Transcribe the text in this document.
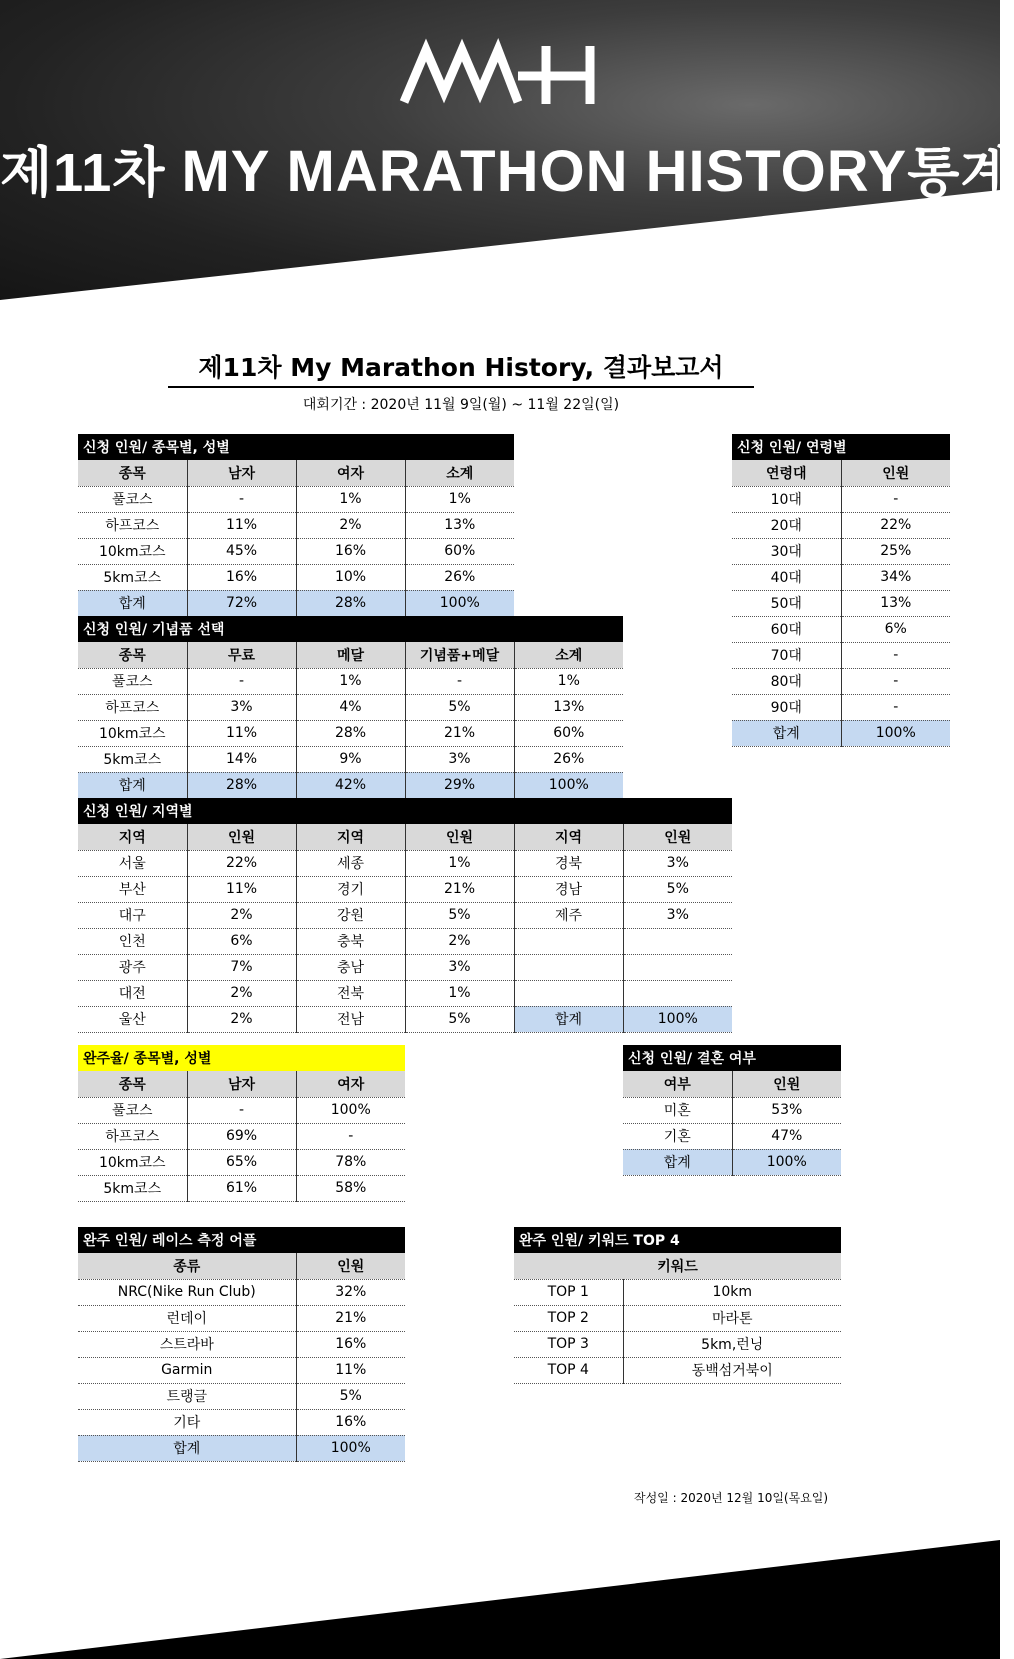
제11차 MY MARATHON HISTORY통계
제11차 My Marathon History, 결과보고서
대회기간 : 2020년 11월 9일(월) ~ 11월 22일(일)
신청 인원/ 종목별, 성별			
종목	남자	여자	소계
풀코스	-	1%	1%
하프코스	11%	2%	13%
10km코스	45%	16%	60%
5km코스	16%	10%	26%
합계	72%	28%	100%
신청 인원/ 연령별	
연령대	인원
10대	-
20대	22%
30대	25%
40대	34%
50대	13%
60대	6%
70대	-
80대	-
90대	-
합계	100%
신청 인원/ 기념품 선택				
종목	무료	메달	기념품+메달	소계
풀코스	-	1%	-	1%
하프코스	3%	4%	5%	13%
10km코스	11%	28%	21%	60%
5km코스	14%	9%	3%	26%
합계	28%	42%	29%	100%
신청 인원/ 지역별					
지역	인원	지역	인원	지역	인원
서울	22%	세종	1%	경북	3%
부산	11%	경기	21%	경남	5%
대구	2%	강원	5%	제주	3%
인천	6%	충북	2%		
광주	7%	충남	3%		
대전	2%	전북	1%		
울산	2%	전남	5%	합계	100%
완주율/ 종목별, 성별		
종목	남자	여자
풀코스	-	100%
하프코스	69%	-
10km코스	65%	78%
5km코스	61%	58%
신청 인원/ 결혼 여부	
여부	인원
미혼	53%
기혼	47%
합계	100%
완주 인원/ 레이스 측정 어플	
종류	인원
NRC(Nike Run Club)	32%
런데이	21%
스트라바	16%
Garmin	11%
트랭글	5%
기타	16%
합계	100%
완주 인원/ 키워드 TOP 4	
키워드	
TOP 1	10km
TOP 2	마라톤
TOP 3	5km,런닝
TOP 4	동백섬거북이
작성일 : 2020년 12월 10일(목요일)
